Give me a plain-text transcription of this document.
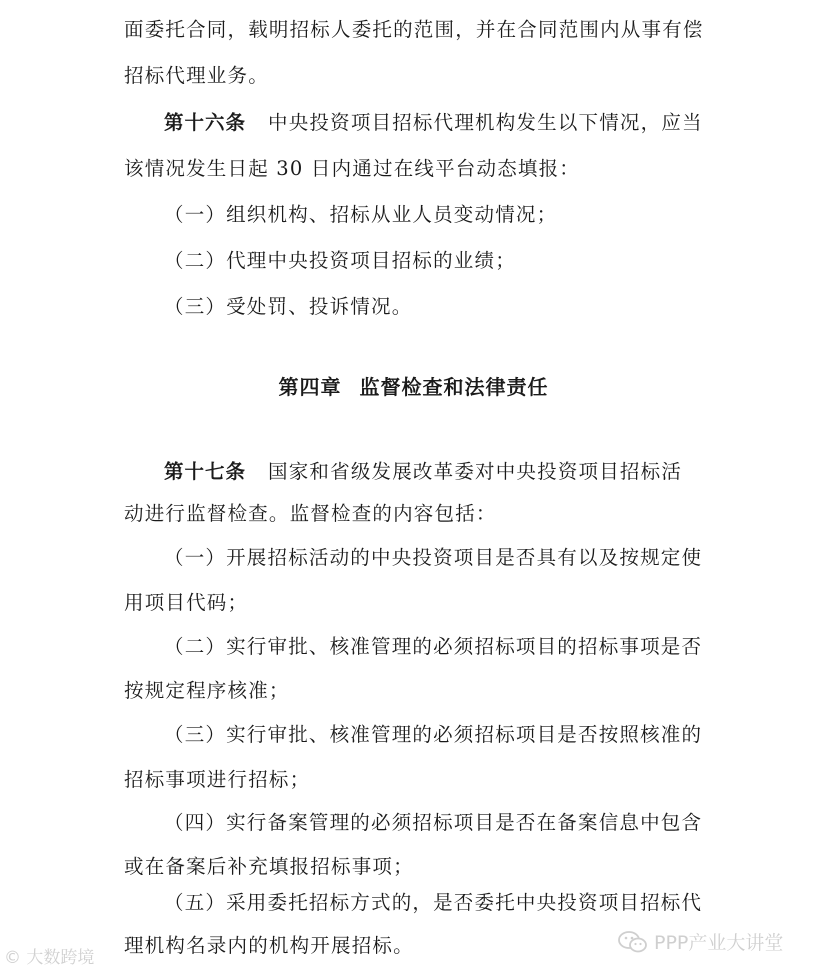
面委托合同，载明招标人委托的范围，并在合同范围内从事有偿
招标代理业务。
第十六条 中央投资项目招标代理机构发生以下情况，应当
该情况发生日起 30 日内通过在线平台动态填报：
（一）组织机构、招标从业人员变动情况；
（二）代理中央投资项目招标的业绩；
（三）受处罚、投诉情况。
第四章 监督检查和法律责任
第十七条 国家和省级发展改革委对中央投资项目招标活
动进行监督检查。监督检查的内容包括：
（一）开展招标活动的中央投资项目是否具有以及按规定使
用项目代码；
（二）实行审批、核准管理的必须招标项目的招标事项是否
按规定程序核准；
（三）实行审批、核准管理的必须招标项目是否按照核准的
招标事项进行招标；
（四）实行备案管理的必须招标项目是否在备案信息中包含
或在备案后补充填报招标事项；
（五）采用委托招标方式的，是否委托中央投资项目招标代
理机构名录内的机构开展招标。
© 大数跨境
PPP产业大讲堂
